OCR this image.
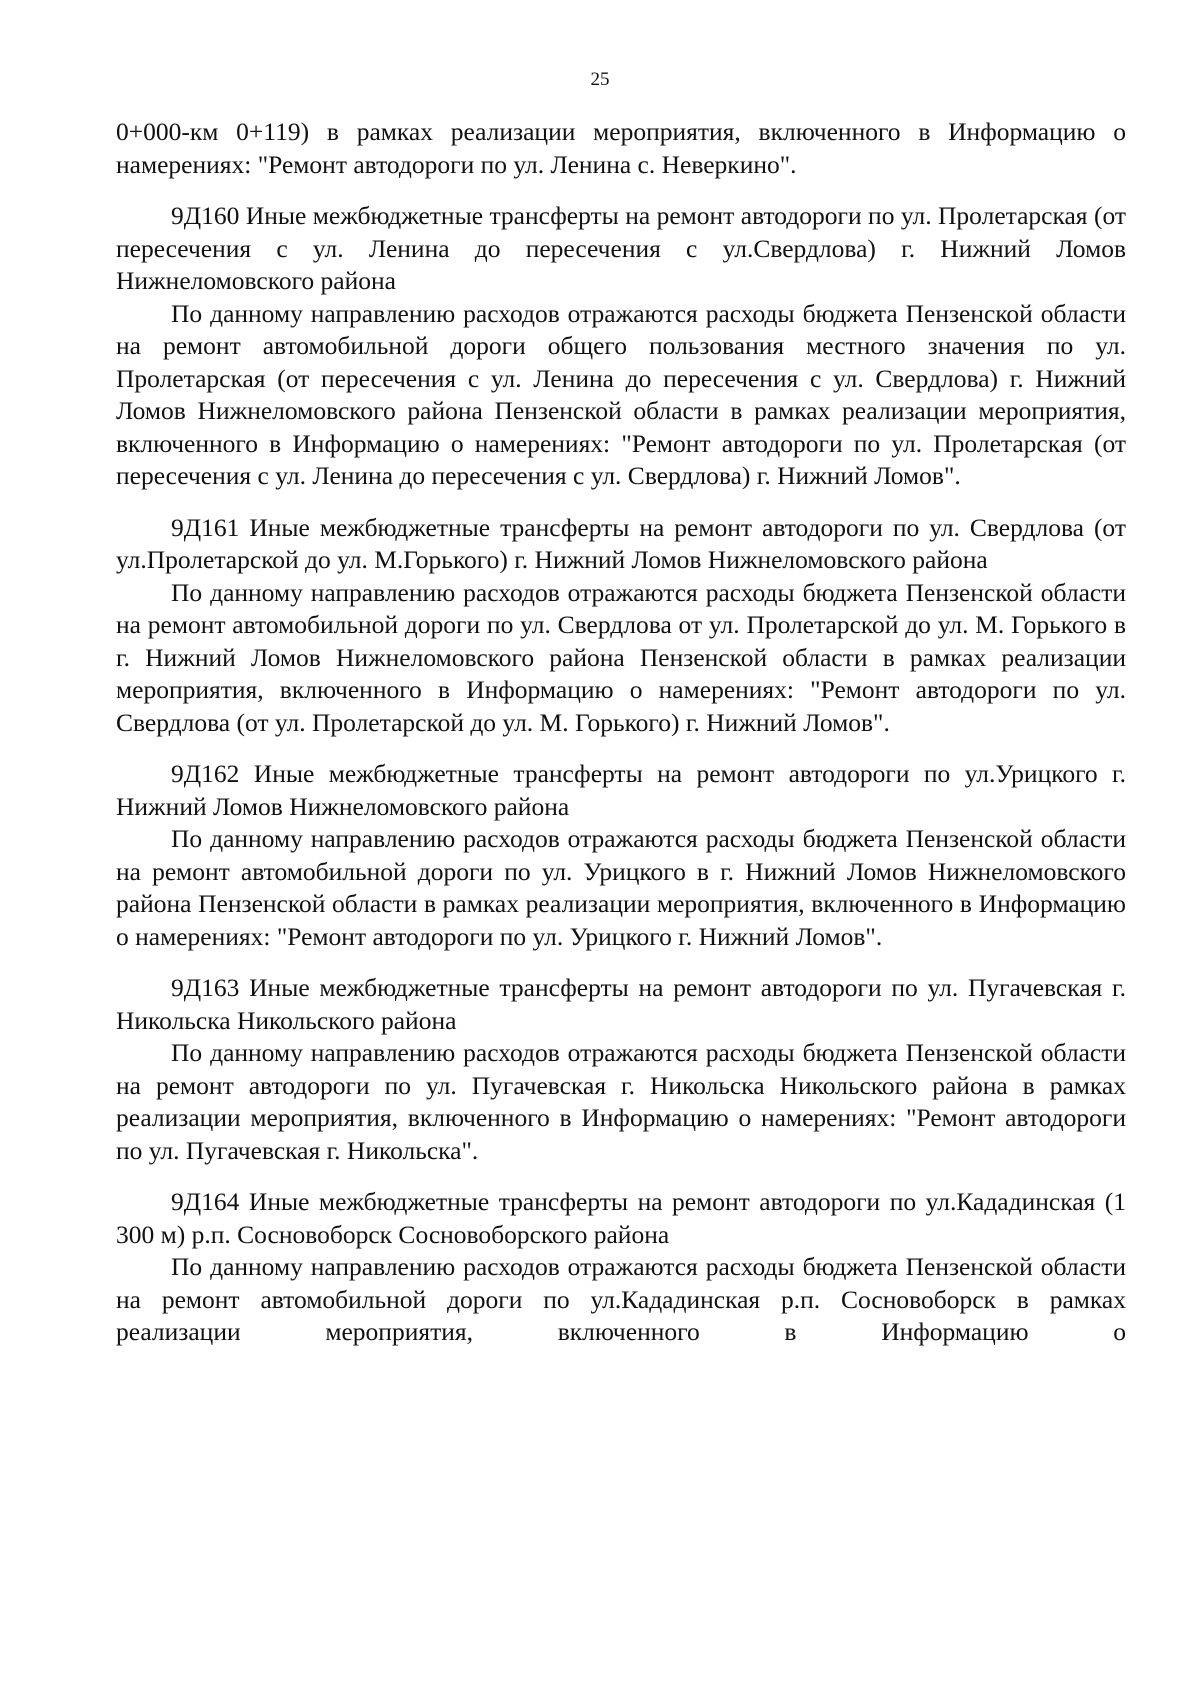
25

0+000-км 0+119) в рамках реализации мероприятия, включенного в Информацию о намерениях: "Ремонт автодороги по ул. Ленина с. Неверкино".

9Д160 Иные межбюджетные трансферты на ремонт автодороги по ул. Пролетарская (от пересечения с ул. Ленина до пересечения с ул.Свердлова) г. Нижний Ломов Нижнеломовского района

По данному направлению расходов отражаются расходы бюджета Пензенской области на ремонт автомобильной дороги общего пользования местного значения по ул. Пролетарская (от пересечения с ул. Ленина до пересечения с ул. Свердлова) г. Нижний Ломов Нижнеломовского района Пензенской области в рамках реализации мероприятия, включенного в Информацию о намерениях: "Ремонт автодороги по ул. Пролетарская (от пересечения с ул. Ленина до пересечения с ул. Свердлова) г. Нижний Ломов".

9Д161 Иные межбюджетные трансферты на ремонт автодороги по ул. Свердлова (от ул.Пролетарской до ул. М.Горького) г. Нижний Ломов Нижнеломовского района

По данному направлению расходов отражаются расходы бюджета Пензенской области на ремонт автомобильной дороги по ул. Свердлова от ул. Пролетарской до ул. М. Горького в г. Нижний Ломов Нижнеломовского района Пензенской области в рамках реализации мероприятия, включенного в Информацию о намерениях: "Ремонт автодороги по ул. Свердлова (от ул. Пролетарской до ул. М. Горького) г. Нижний Ломов".

9Д162 Иные межбюджетные трансферты на ремонт автодороги по ул.Урицкого г. Нижний Ломов Нижнеломовского района

По данному направлению расходов отражаются расходы бюджета Пензенской области на ремонт автомобильной дороги по ул. Урицкого в г. Нижний Ломов Нижнеломовского района Пензенской области в рамках реализации мероприятия, включенного в Информацию о намерениях: "Ремонт автодороги по ул. Урицкого г. Нижний Ломов".

9Д163 Иные межбюджетные трансферты на ремонт автодороги по ул. Пугачевская г. Никольска Никольского района

По данному направлению расходов отражаются расходы бюджета Пензенской области на ремонт автодороги по ул. Пугачевская г. Никольска Никольского района в рамках реализации мероприятия, включенного в Информацию о намерениях: "Ремонт автодороги по ул. Пугачевская г. Никольска".

9Д164 Иные межбюджетные трансферты на ремонт автодороги по ул.Кададинская (1 300 м) р.п. Сосновоборск Сосновоборского района

По данному направлению расходов отражаются расходы бюджета Пензенской области на ремонт автомобильной дороги по ул.Кададинская р.п. Сосновоборск в рамках реализации мероприятия, включенного в Информацию о
